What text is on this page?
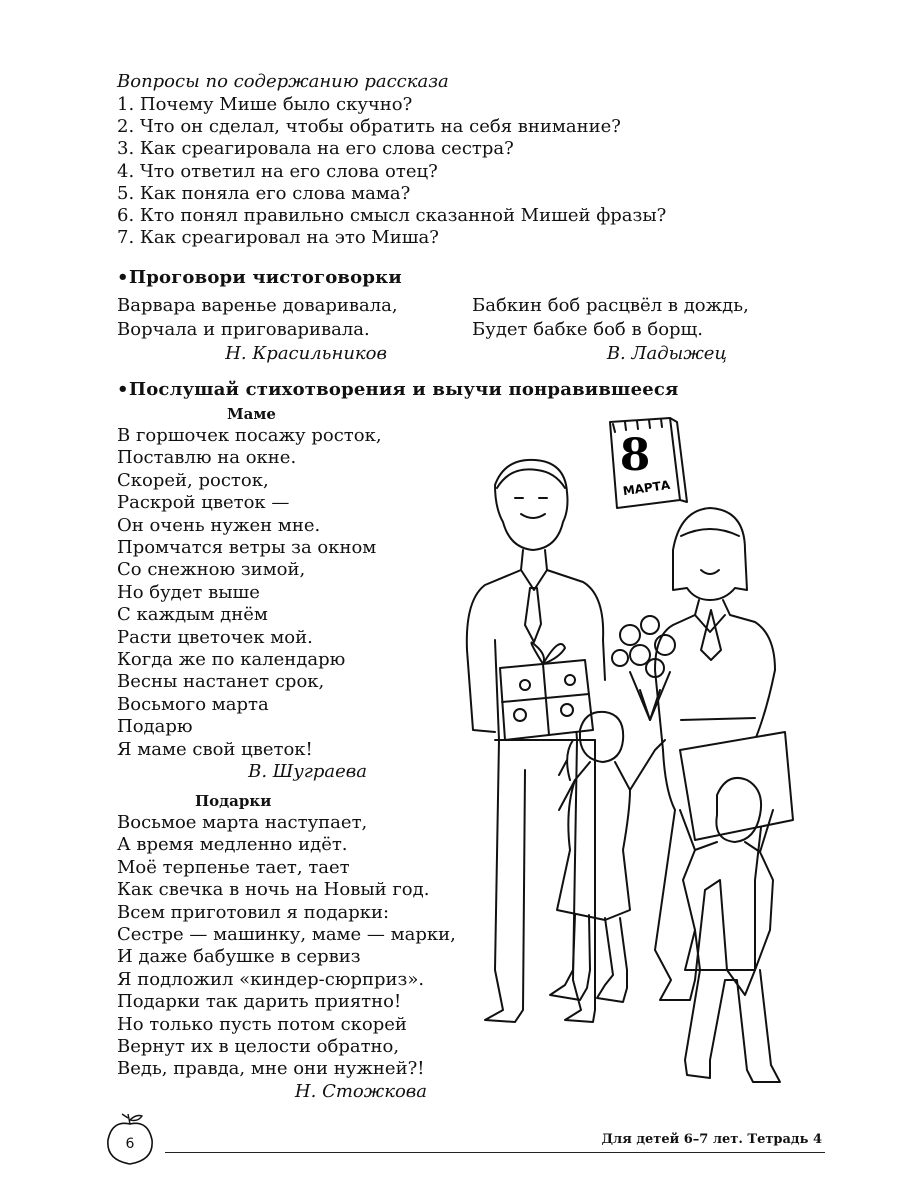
Вопросы по содержанию рассказа
1. Почему Мише было скучно?
2. Что он сделал, чтобы обратить на себя внимание?
3. Как среагировала на его слова сестра?
4. Что ответил на его слова отец?
5. Как поняла его слова мама?
6. Кто понял правильно смысл сказанной Мишей фразы?
7. Как среагировал на это Миша?
•Проговори чистоговорки
Варвара варенье доваривала,
Ворчала и приговаривала.
Н. Красильников
Бабкин боб расцвёл в дождь,
Будет бабке боб в борщ.
В. Ладыжец
•Послушай стихотворения и выучи понравившееся
Маме
В горшочек посажу росток,
Поставлю на окне.
Скорей, росток,
Раскрой цветок —
Он очень нужен мне.
Промчатся ветры за окном
Со снежною зимой,
Но будет выше
С каждым днём
Расти цветочек мой.
Когда же по календарю
Весны настанет срок,
Восьмого марта
Подарю
Я маме свой цветок!
В. Шуграева
Подарки
Восьмое марта наступает,
А время медленно идёт.
Моё терпенье тает, тает
Как свечка в ночь на Новый год.
Всем приготовил я подарки:
Сестре — машинку, маме — марки,
И даже бабушке в сервиз
Я подложил «киндер-сюрприз».
Подарки так дарить приятно!
Но только пусть потом скорей
Вернут их в целости обратно,
Ведь, правда, мне они нужней?!
Н. Стожкова
8
МАРТА
6	Для детей 6–7 лет. Тетрадь 4
